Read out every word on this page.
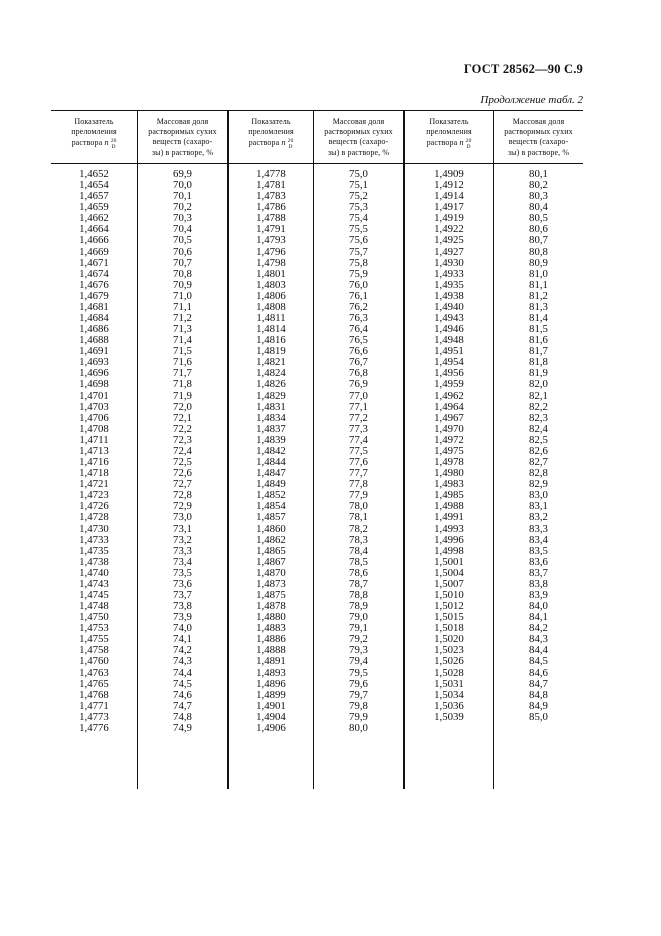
ГОСТ 28562—90 С.9
Продолжение табл. 2
Показатель
преломления
раствора n 20
D
Массовая доля
растворимых сухих
веществ (сахаро-
зы) в растворе, %
Показатель
преломления
раствора n 20
D
Массовая доля
растворимых сухих
веществ (сахаро-
зы) в растворе, %
Показатель
преломления
раствора n 20
D
Массовая доля
растворимых сухих
веществ (сахаро-
зы) в растворе, %
1,4652
1,4654
1,4657
1,4659
1,4662
1,4664
1,4666
1,4669
1,4671
1,4674
1,4676
1,4679
1,4681
1,4684
1,4686
1,4688
1,4691
1,4693
1,4696
1,4698
1,4701
1,4703
1,4706
1,4708
1,4711
1,4713
1,4716
1,4718
1,4721
1,4723
1,4726
1,4728
1,4730
1,4733
1,4735
1,4738
1,4740
1,4743
1,4745
1,4748
1,4750
1,4753
1,4755
1,4758
1,4760
1,4763
1,4765
1,4768
1,4771
1,4773
1,4776
69,9
70,0
70,1
70,2
70,3
70,4
70,5
70,6
70,7
70,8
70,9
71,0
71,1
71,2
71,3
71,4
71,5
71,6
71,7
71,8
71,9
72,0
72,1
72,2
72,3
72,4
72,5
72,6
72,7
72,8
72,9
73,0
73,1
73,2
73,3
73,4
73,5
73,6
73,7
73,8
73,9
74,0
74,1
74,2
74,3
74,4
74,5
74,6
74,7
74,8
74,9
1,4778
1,4781
1,4783
1,4786
1,4788
1,4791
1,4793
1,4796
1,4798
1,4801
1,4803
1,4806
1,4808
1,4811
1,4814
1,4816
1,4819
1,4821
1,4824
1,4826
1,4829
1,4831
1,4834
1,4837
1,4839
1,4842
1,4844
1,4847
1,4849
1,4852
1,4854
1,4857
1,4860
1,4862
1,4865
1,4867
1,4870
1,4873
1,4875
1,4878
1,4880
1,4883
1,4886
1,4888
1,4891
1,4893
1,4896
1,4899
1,4901
1,4904
1,4906
75,0
75,1
75,2
75,3
75,4
75,5
75,6
75,7
75,8
75,9
76,0
76,1
76,2
76,3
76,4
76,5
76,6
76,7
76,8
76,9
77,0
77,1
77,2
77,3
77,4
77,5
77,6
77,7
77,8
77,9
78,0
78,1
78,2
78,3
78,4
78,5
78,6
78,7
78,8
78,9
79,0
79,1
79,2
79,3
79,4
79,5
79,6
79,7
79,8
79,9
80,0
1,4909
1,4912
1,4914
1,4917
1,4919
1,4922
1,4925
1,4927
1,4930
1,4933
1,4935
1,4938
1,4940
1,4943
1,4946
1,4948
1,4951
1,4954
1,4956
1,4959
1,4962
1,4964
1,4967
1,4970
1,4972
1,4975
1,4978
1,4980
1,4983
1,4985
1,4988
1,4991
1,4993
1,4996
1,4998
1,5001
1,5004
1,5007
1,5010
1,5012
1,5015
1,5018
1,5020
1,5023
1,5026
1,5028
1,5031
1,5034
1,5036
1,5039
80,1
80,2
80,3
80,4
80,5
80,6
80,7
80,8
80,9
81,0
81,1
81,2
81,3
81,4
81,5
81,6
81,7
81,8
81,9
82,0
82,1
82,2
82,3
82,4
82,5
82,6
82,7
82,8
82,9
83,0
83,1
83,2
83,3
83,4
83,5
83,6
83,7
83,8
83,9
84,0
84,1
84,2
84,3
84,4
84,5
84,6
84,7
84,8
84,9
85,0
